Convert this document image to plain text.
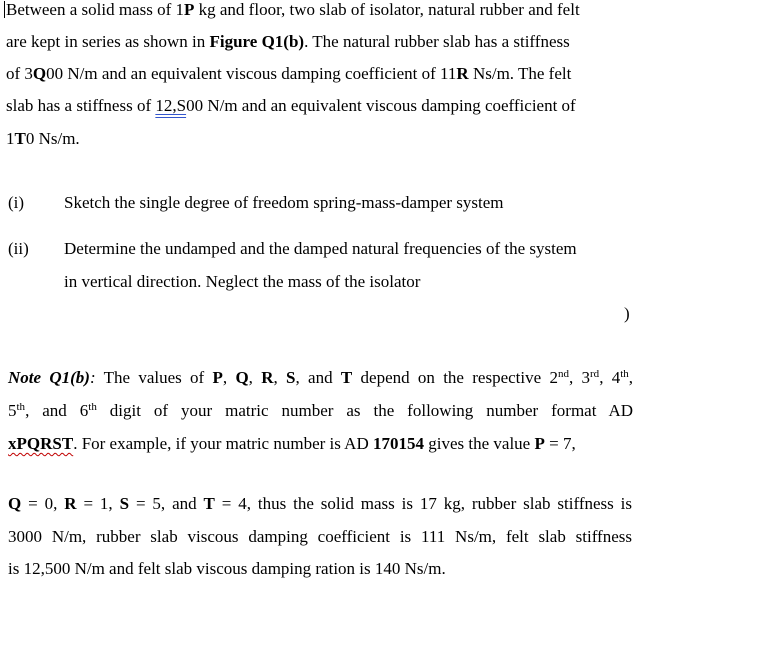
Between a solid mass of 1P kg and floor, two slab of isolator, natural rubber and felt
are kept in series as shown in Figure Q1(b). The natural rubber slab has a stiffness
of 3Q00 N/m and an equivalent viscous damping coefficient of 11R Ns/m. The felt
slab has a stiffness of 12,S00 N/m and an equivalent viscous damping coefficient of
1T0 Ns/m.
(i) Sketch the single degree of freedom spring-mass-damper system
(ii) Determine the undamped and the damped natural frequencies of the system
in vertical direction. Neglect the mass of the isolator
)
Note Q1(b): The values of P, Q, R, S, and T depend on the respective 2nd, 3rd, 4th,
5th, and 6th digit of your matric number as the following number format AD
xPQRST. For example, if your matric number is AD 170154 gives the value P = 7,
Q = 0, R = 1, S = 5, and T = 4, thus the solid mass is 17 kg, rubber slab stiffness is
3000 N/m, rubber slab viscous damping coefficient is 111 Ns/m, felt slab stiffness
is 12,500 N/m and felt slab viscous damping ration is 140 Ns/m.
